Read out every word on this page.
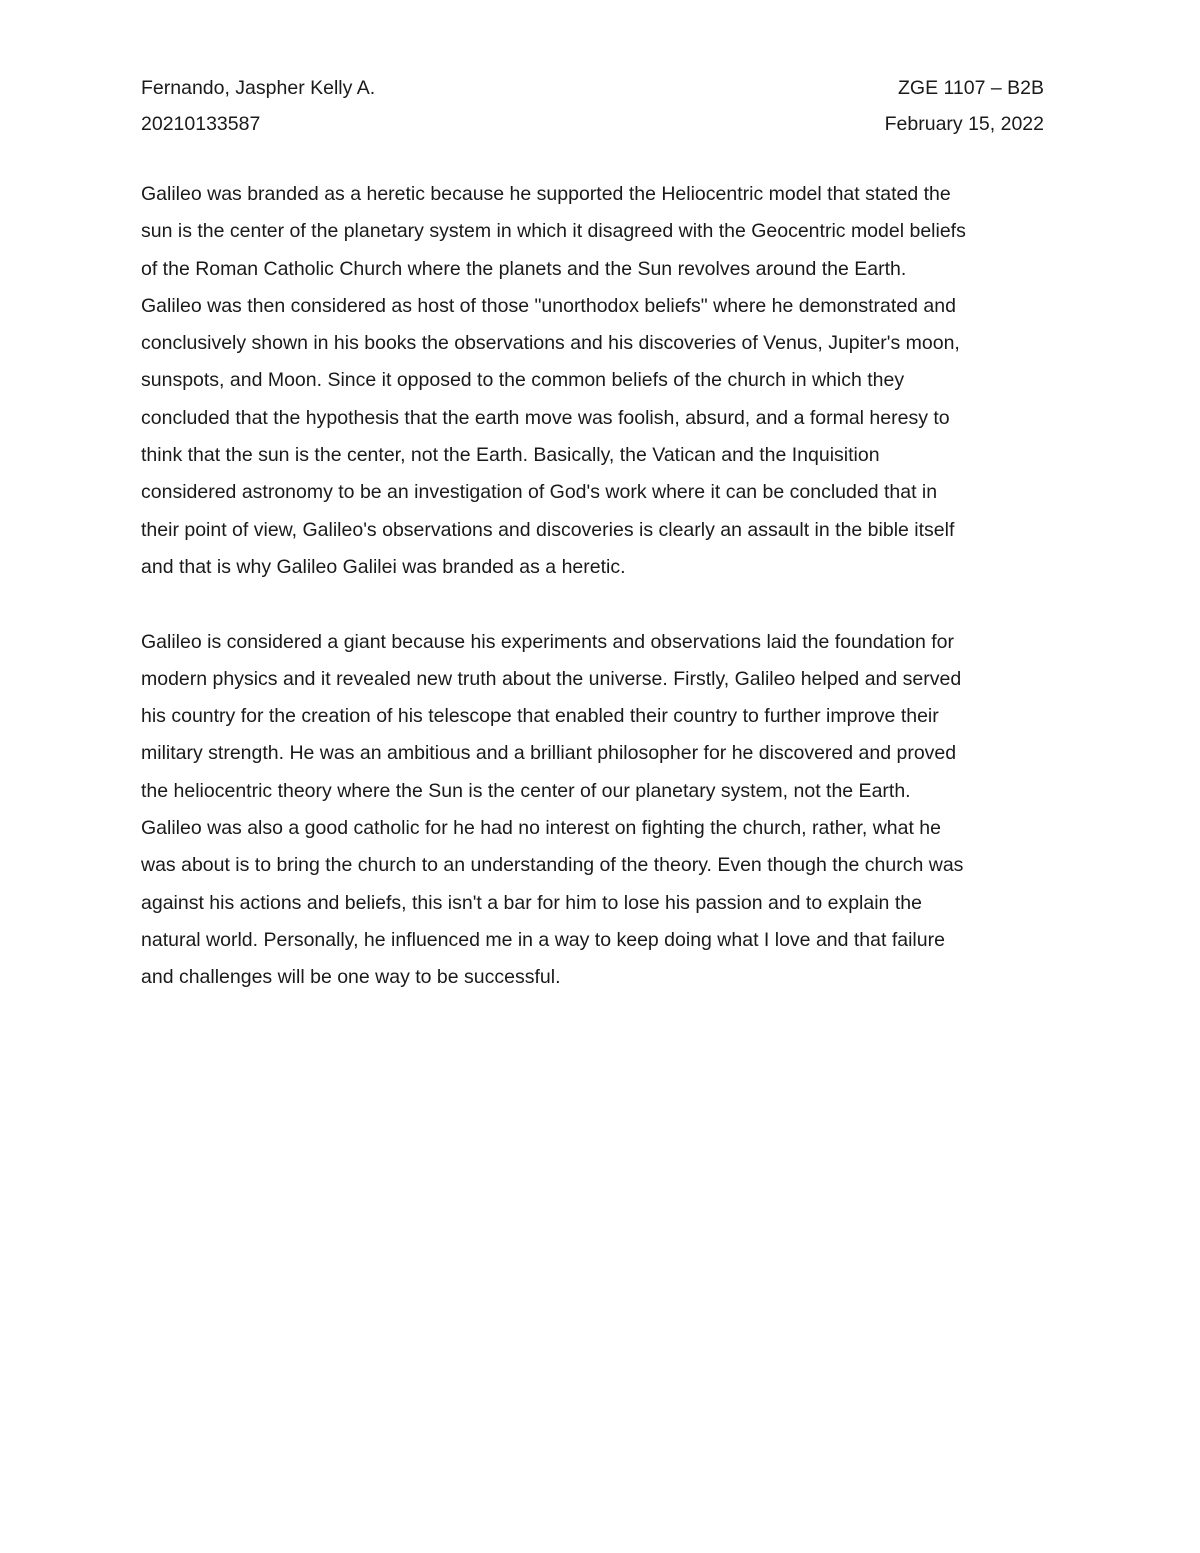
Fernando, Jaspher Kelly A.	ZGE 1107 – B2B
20210133587	February 15, 2022

Galileo was branded as a heretic because he supported the Heliocentric model that stated the
sun is the center of the planetary system in which it disagreed with the Geocentric model beliefs
of the Roman Catholic Church where the planets and the Sun revolves around the Earth.
Galileo was then considered as host of those "unorthodox beliefs" where he demonstrated and
conclusively shown in his books the observations and his discoveries of Venus, Jupiter's moon,
sunspots, and Moon. Since it opposed to the common beliefs of the church in which they
concluded that the hypothesis that the earth move was foolish, absurd, and a formal heresy to
think that the sun is the center, not the Earth. Basically, the Vatican and the Inquisition
considered astronomy to be an investigation of God's work where it can be concluded that in
their point of view, Galileo's observations and discoveries is clearly an assault in the bible itself
and that is why Galileo Galilei was branded as a heretic.

Galileo is considered a giant because his experiments and observations laid the foundation for
modern physics and it revealed new truth about the universe. Firstly, Galileo helped and served
his country for the creation of his telescope that enabled their country to further improve their
military strength. He was an ambitious and a brilliant philosopher for he discovered and proved
the heliocentric theory where the Sun is the center of our planetary system, not the Earth.
Galileo was also a good catholic for he had no interest on fighting the church, rather, what he
was about is to bring the church to an understanding of the theory. Even though the church was
against his actions and beliefs, this isn't a bar for him to lose his passion and to explain the
natural world. Personally, he influenced me in a way to keep doing what I love and that failure
and challenges will be one way to be successful.
